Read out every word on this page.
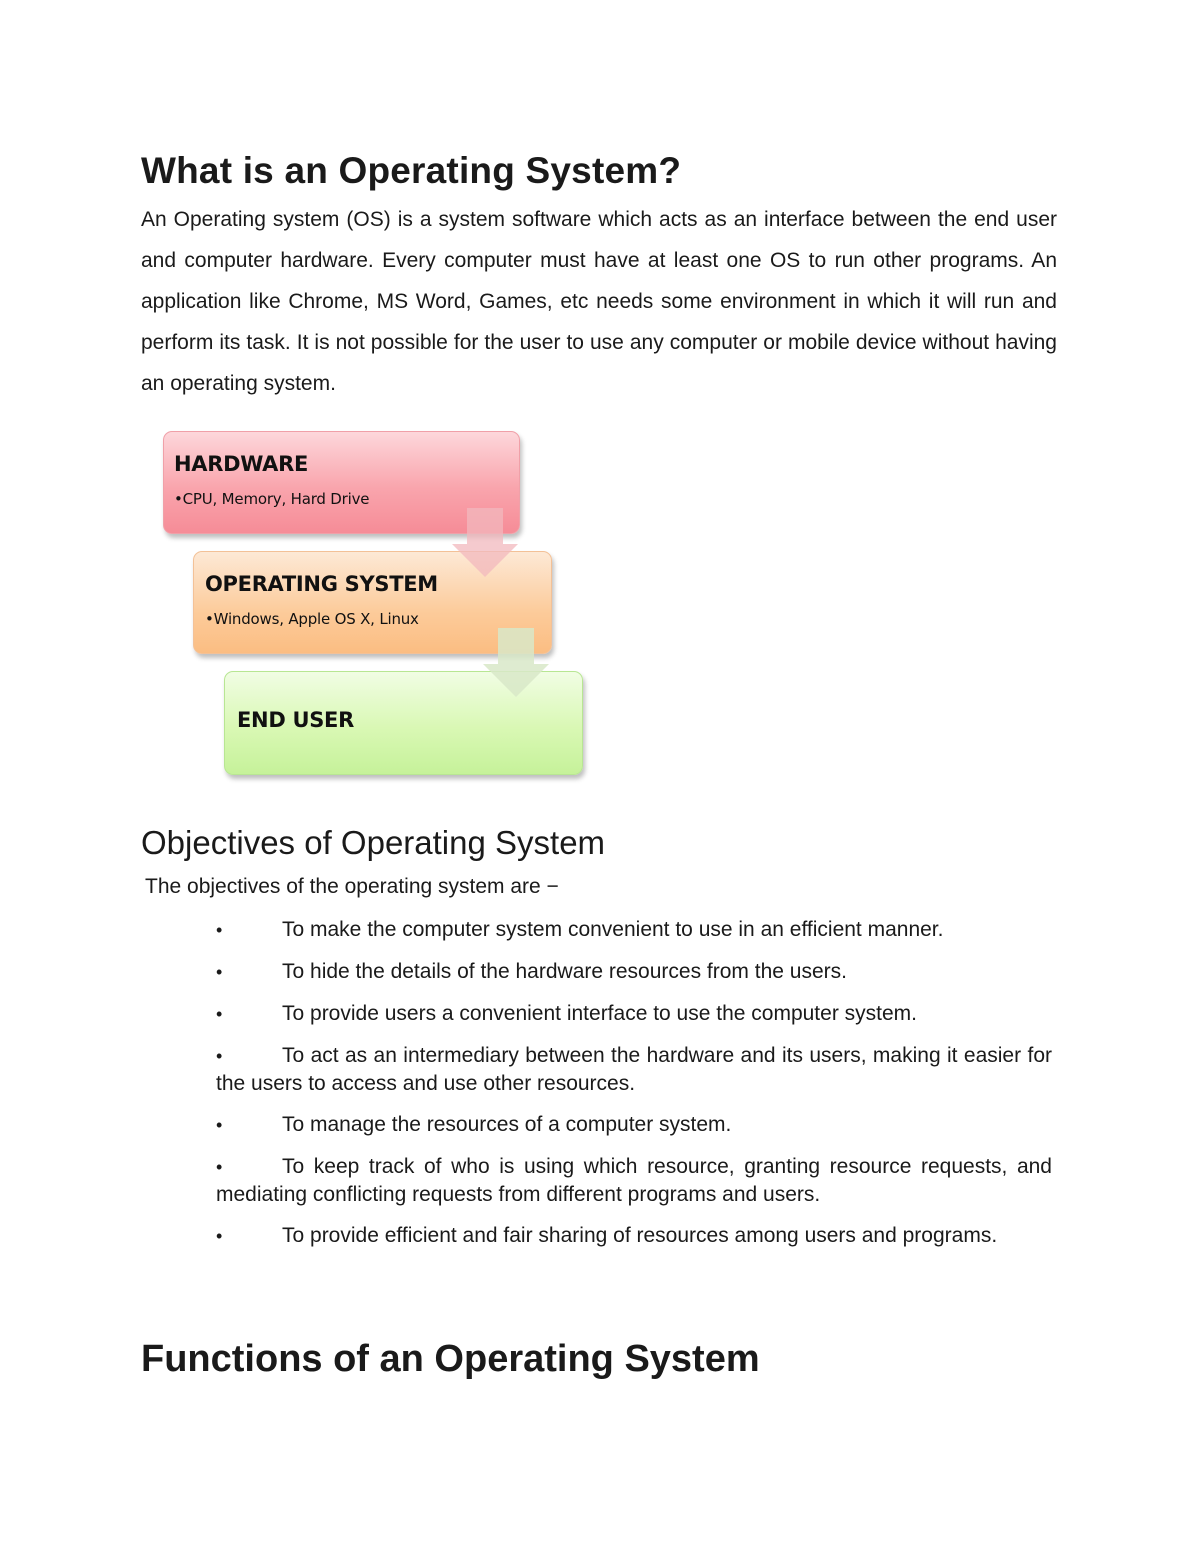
What is an Operating System?

An Operating system (OS) is a system software which acts as an interface between the end user and computer hardware. Every computer must have at least one OS to run other programs. An application like Chrome, MS Word, Games, etc needs some environment in which it will run and perform its task. It is not possible for the user to use any computer or mobile device without having an operating system.

HARDWARE
•CPU, Memory, Hard Drive
OPERATING SYSTEM
•Windows, Apple OS X, Linux
END USER
Objectives of Operating System

The objectives of the operating system are −

•	To make the computer system convenient to use in an efficient manner.
•	To hide the details of the hardware resources from the users.
•	To provide users a convenient interface to use the computer system.
•	To act as an intermediary between the hardware and its users, making it easier for the users to access and use other resources.
•	To manage the resources of a computer system.
•	To keep track of who is using which resource, granting resource requests, and mediating conflicting requests from different programs and users.
•	To provide efficient and fair sharing of resources among users and programs.
Functions of an Operating System
